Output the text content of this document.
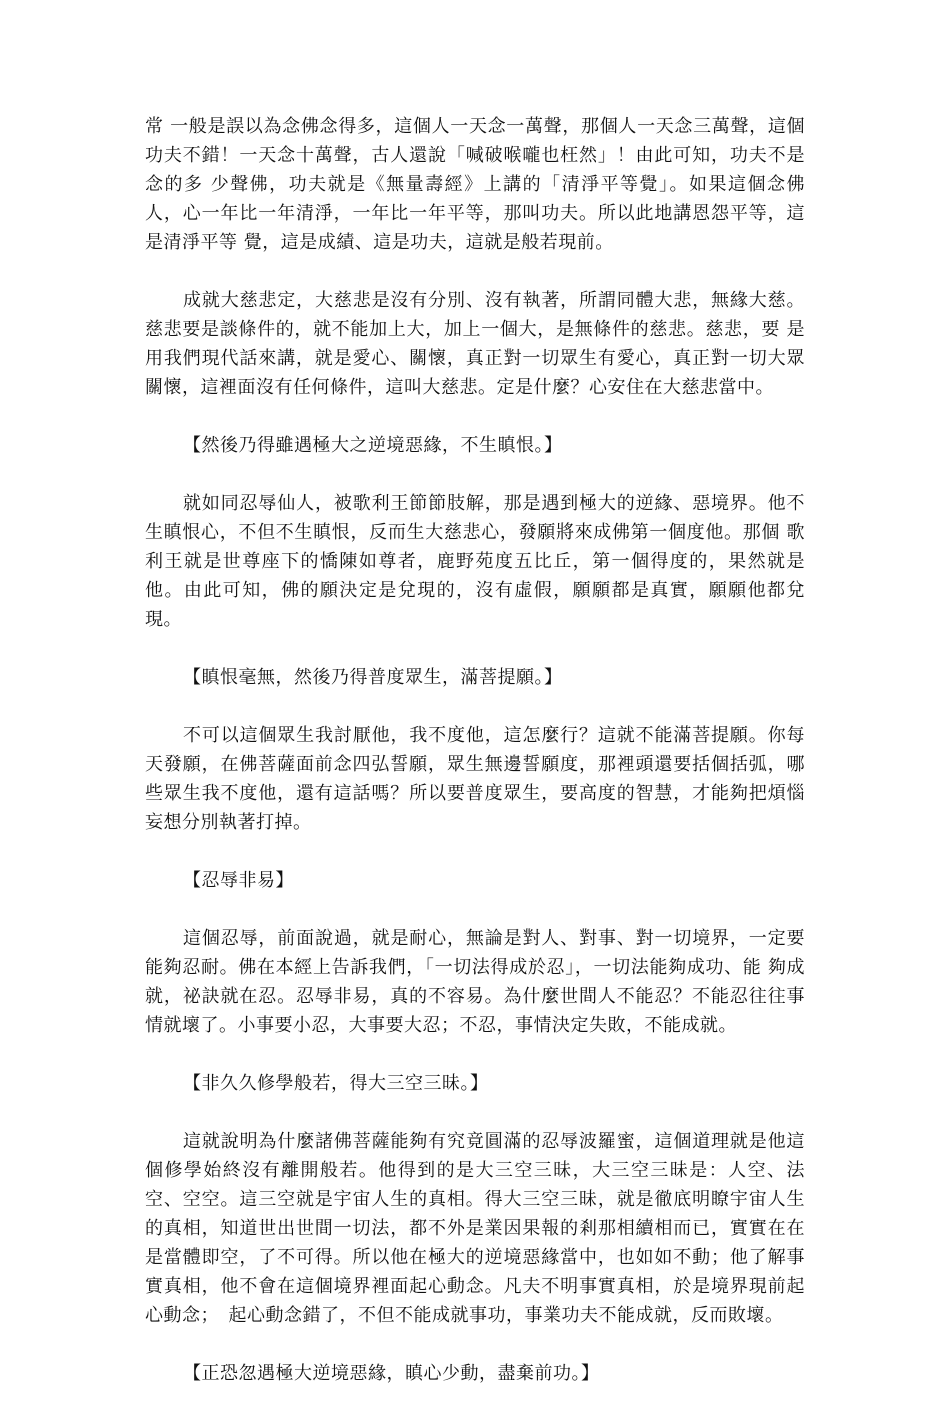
常 一般是誤以為念佛念得多，這個人一天念一萬聲，那個人一天念三萬聲，這個功夫不錯！一天念十萬聲，古人還說「喊破喉嚨也枉然」！由此可知，功夫不是念的多 少聲佛，功夫就是《無量壽經》上講的「清淨平等覺」。如果這個念佛人，心一年比一年清淨，一年比一年平等，那叫功夫。所以此地講恩怨平等，這是清淨平等 覺，這是成績、這是功夫，這就是般若現前。

成就大慈悲定，大慈悲是沒有分別、沒有執著，所謂同體大悲，無緣大慈。慈悲要是談條件的，就不能加上大，加上一個大，是無條件的慈悲。慈悲，要 是用我們現代話來講，就是愛心、關懷，真正對一切眾生有愛心，真正對一切大眾關懷，這裡面沒有任何條件，這叫大慈悲。定是什麼？心安住在大慈悲當中。

【然後乃得雖遇極大之逆境惡緣，不生瞋恨。】

就如同忍辱仙人，被歌利王節節肢解，那是遇到極大的逆緣、惡境界。他不生瞋恨心，不但不生瞋恨，反而生大慈悲心，發願將來成佛第一個度他。那個 歌利王就是世尊座下的憍陳如尊者，鹿野苑度五比丘，第一個得度的，果然就是他。由此可知，佛的願決定是兌現的，沒有虛假，願願都是真實，願願他都兌現。

【瞋恨毫無，然後乃得普度眾生，滿菩提願。】

不可以這個眾生我討厭他，我不度他，這怎麼行？這就不能滿菩提願。你每天發願，在佛菩薩面前念四弘誓願，眾生無邊誓願度，那裡頭還要括個括弧，哪些眾生我不度他，還有這話嗎？所以要普度眾生，要高度的智慧，才能夠把煩惱妄想分別執著打掉。

【忍辱非易】

這個忍辱，前面說過，就是耐心，無論是對人、對事、對一切境界，一定要能夠忍耐。佛在本經上告訴我們，「一切法得成於忍」，一切法能夠成功、能 夠成就，祕訣就在忍。忍辱非易，真的不容易。為什麼世間人不能忍？不能忍往往事情就壞了。小事要小忍，大事要大忍；不忍，事情決定失敗，不能成就。

【非久久修學般若，得大三空三昧。】

這就說明為什麼諸佛菩薩能夠有究竟圓滿的忍辱波羅蜜，這個道理就是他這個修學始終沒有離開般若。他得到的是大三空三昧，大三空三昧是：人空、法 空、空空。這三空就是宇宙人生的真相。得大三空三昧，就是徹底明瞭宇宙人生的真相，知道世出世間一切法，都不外是業因果報的剎那相續相而已，實實在在是當體即空，了不可得。所以他在極大的逆境惡緣當中，也如如不動；他了解事實真相，他不會在這個境界裡面起心動念。凡夫不明事實真相，於是境界現前起心動念；　起心動念錯了，不但不能成就事功，事業功夫不能成就，反而敗壞。

【正恐忽遇極大逆境惡緣，瞋心少動，盡棄前功。】
